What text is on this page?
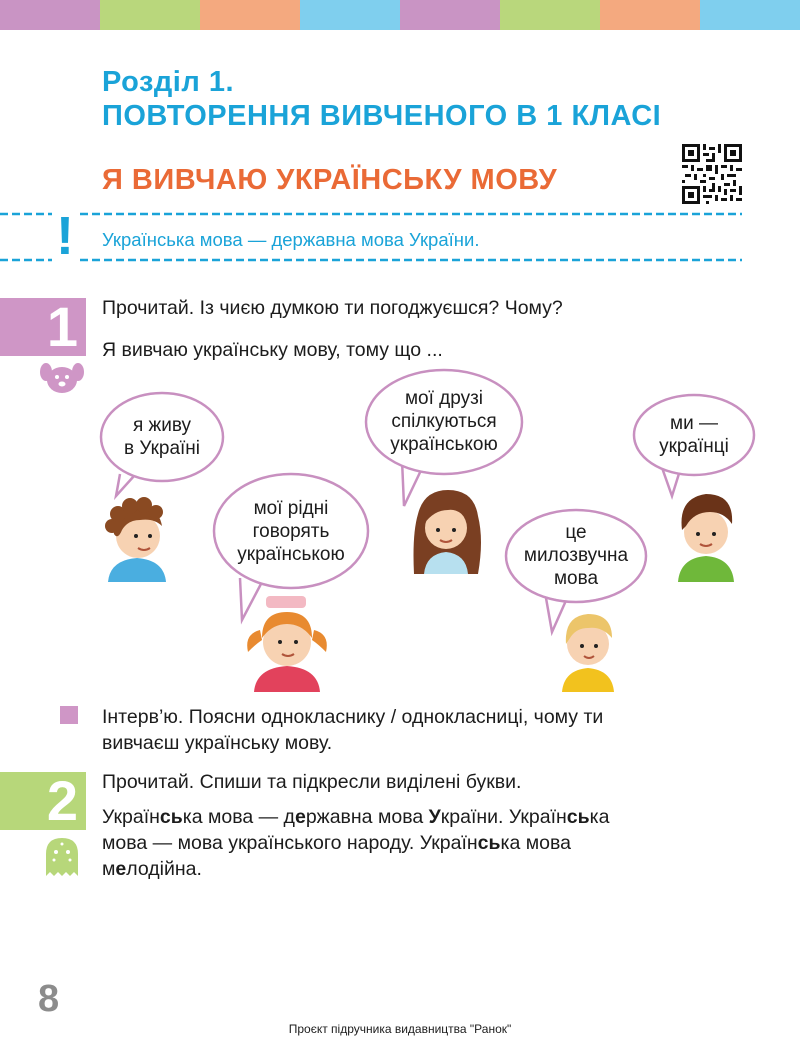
Розділ 1.
ПОВТОРЕННЯ ВИВЧЕНОГО В 1 КЛАСІ
Я ВИВЧАЮ УКРАЇНСЬКУ МОВУ
! Українська мова — державна мова України.
1 Прочитай. Із чиєю думкою ти погоджуєшся? Чому?
Я вивчаю українську мову, тому що ...
я живу
в Україні
мої рідні
говорять
українською
мої друзі
спілкуються
українською
це
милозвучна
мова
ми —
українці
Інтерв’ю. Поясни однокласнику / однокласниці, чому ти
вивчаєш українську мову.
2 Прочитай. Спиши та підкресли виділені букви.
Українська мова — державна мова України. Українська
мова — мова українського народу. Українська мова
мелодійна.
8
Проєкт підручника видавництва "Ранок"
